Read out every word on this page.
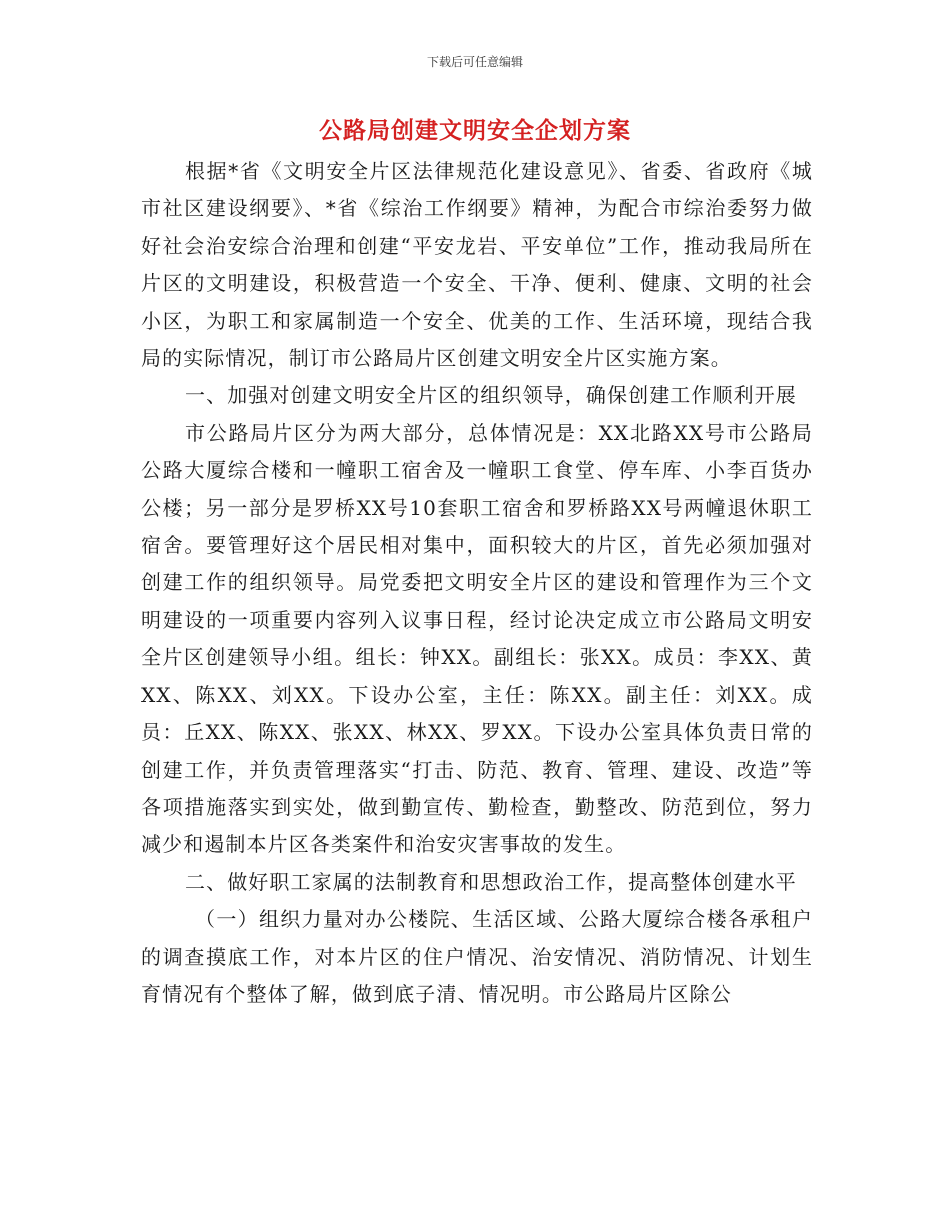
下载后可任意编辑
公路局创建文明安全企划方案

根据*省《文明安全片区法律规范化建设意见》、省委、省政府《城市社区建设纲要》、*省《综治工作纲要》精神，为配合市综治委努力做好社会治安综合治理和创建“平安龙岩、平安单位”工作，推动我局所在片区的文明建设，积极营造一个安全、干净、便利、健康、文明的社会小区，为职工和家属制造一个安全、优美的工作、生活环境，现结合我局的实际情况，制订市公路局片区创建文明安全片区实施方案。

一、加强对创建文明安全片区的组织领导，确保创建工作顺利开展

市公路局片区分为两大部分，总体情况是：XX北路XX号市公路局公路大厦综合楼和一幢职工宿舍及一幢职工食堂、停车库、小李百货办公楼；另一部分是罗桥XX号10套职工宿舍和罗桥路XX号两幢退休职工宿舍。要管理好这个居民相对集中，面积较大的片区，首先必须加强对创建工作的组织领导。局党委把文明安全片区的建设和管理作为三个文明建设的一项重要内容列入议事日程，经讨论决定成立市公路局文明安全片区创建领导小组。组长：钟XX。副组长：张XX。成员：李XX、黄XX、陈XX、刘XX。下设办公室，主任：陈XX。副主任：刘XX。成员：丘XX、陈XX、张XX、林XX、罗XX。下设办公室具体负责日常的创建工作，并负责管理落实“打击、防范、教育、管理、建设、改造”等各项措施落实到实处，做到勤宣传、勤检查，勤整改、防范到位，努力减少和遏制本片区各类案件和治安灾害事故的发生。

二、做好职工家属的法制教育和思想政治工作，提高整体创建水平

（一）组织力量对办公楼院、生活区域、公路大厦综合楼各承租户的调查摸底工作，对本片区的住户情况、治安情况、消防情况、计划生育情况有个整体了解，做到底子清、情况明。市公路局片区除公
